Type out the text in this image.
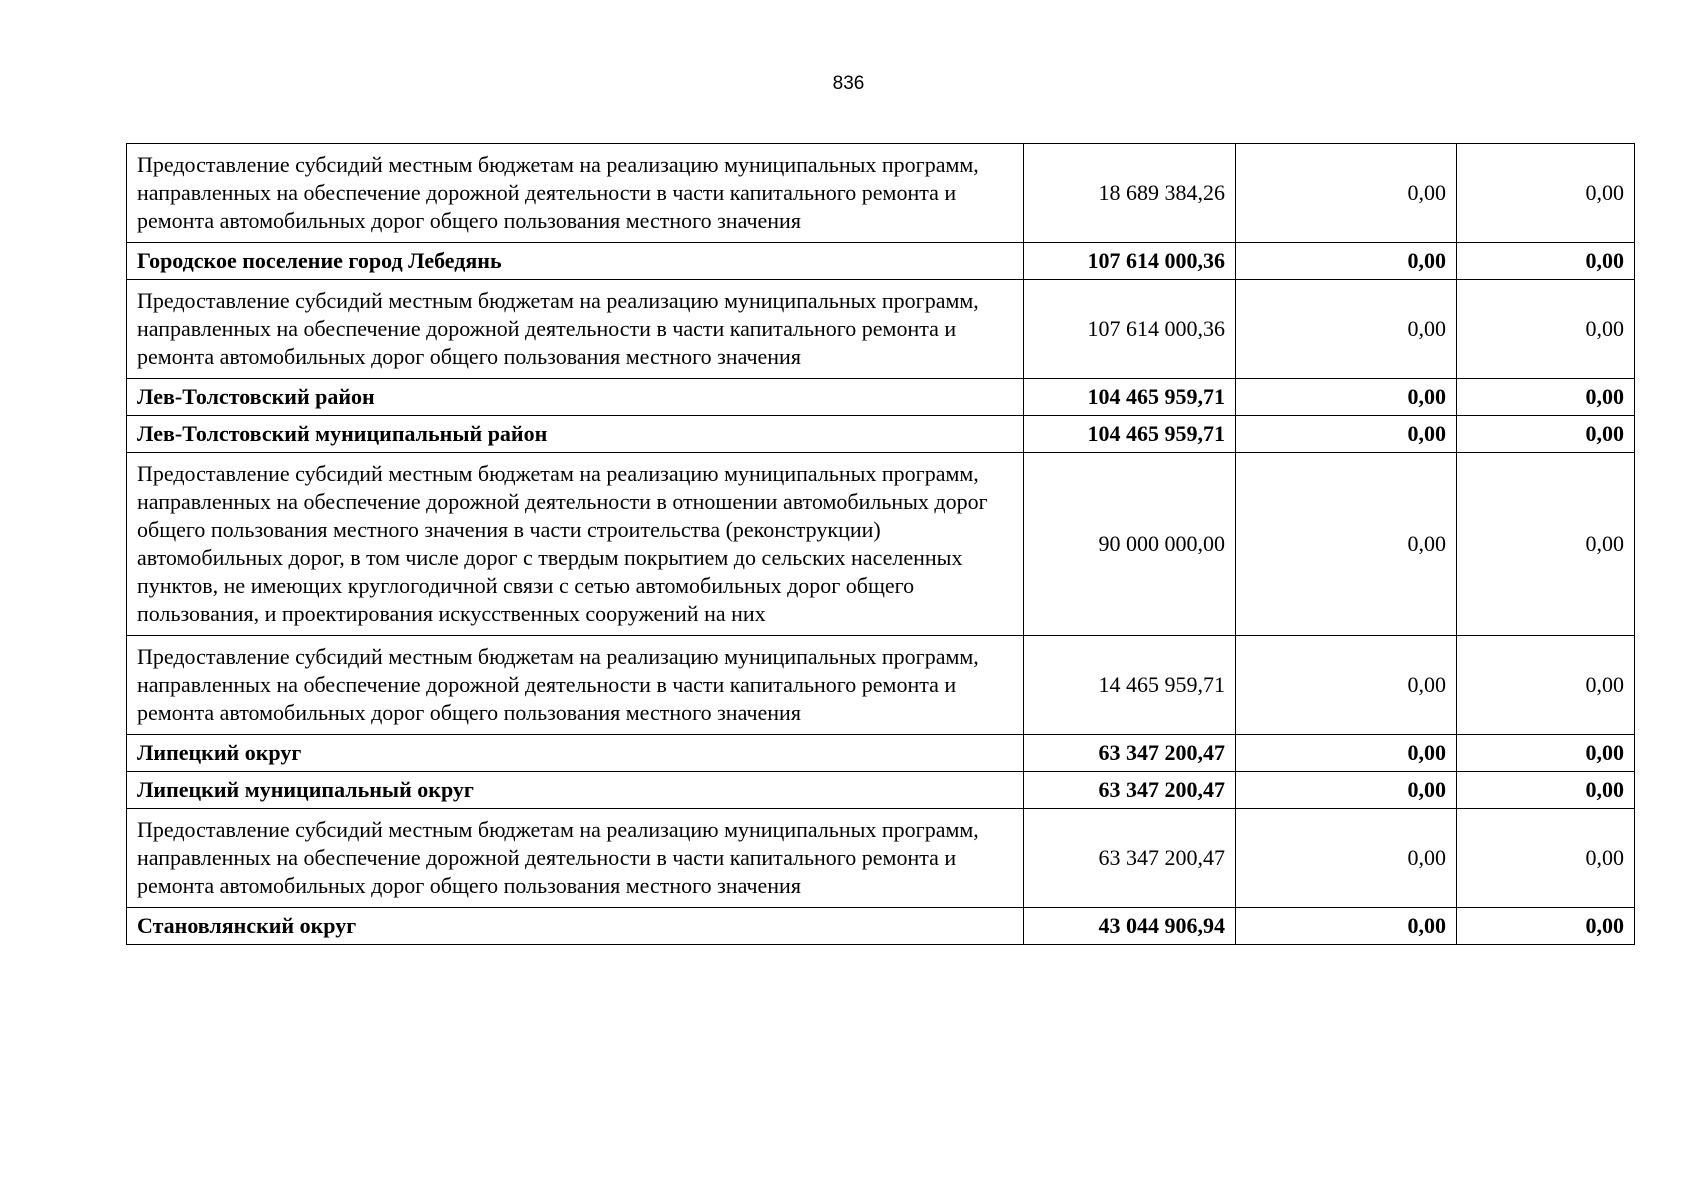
836
Предоставление субсидий местным бюджетам на реализацию муниципальных программ, направленных на обеспечение дорожной деятельности в части капитального ремонта и ремонта автомобильных дорог общего пользования местного значения	18 689 384,26	0,00	0,00
Городское поселение город Лебедянь	107 614 000,36	0,00	0,00
Предоставление субсидий местным бюджетам на реализацию муниципальных программ, направленных на обеспечение дорожной деятельности в части капитального ремонта и ремонта автомобильных дорог общего пользования местного значения	107 614 000,36	0,00	0,00
Лев-Толстовский район	104 465 959,71	0,00	0,00
Лев-Толстовский муниципальный район	104 465 959,71	0,00	0,00
Предоставление субсидий местным бюджетам на реализацию муниципальных программ, направленных на обеспечение дорожной деятельности в отношении автомобильных дорог общего пользования местного значения в части строительства (реконструкции) автомобильных дорог, в том числе дорог с твердым покрытием до сельских населенных пунктов, не имеющих круглогодичной связи с сетью автомобильных дорог общего пользования, и проектирования искусственных сооружений на них	90 000 000,00	0,00	0,00
Предоставление субсидий местным бюджетам на реализацию муниципальных программ, направленных на обеспечение дорожной деятельности в части капитального ремонта и ремонта автомобильных дорог общего пользования местного значения	14 465 959,71	0,00	0,00
Липецкий округ	63 347 200,47	0,00	0,00
Липецкий муниципальный округ	63 347 200,47	0,00	0,00
Предоставление субсидий местным бюджетам на реализацию муниципальных программ, направленных на обеспечение дорожной деятельности в части капитального ремонта и ремонта автомобильных дорог общего пользования местного значения	63 347 200,47	0,00	0,00
Становлянский округ	43 044 906,94	0,00	0,00
